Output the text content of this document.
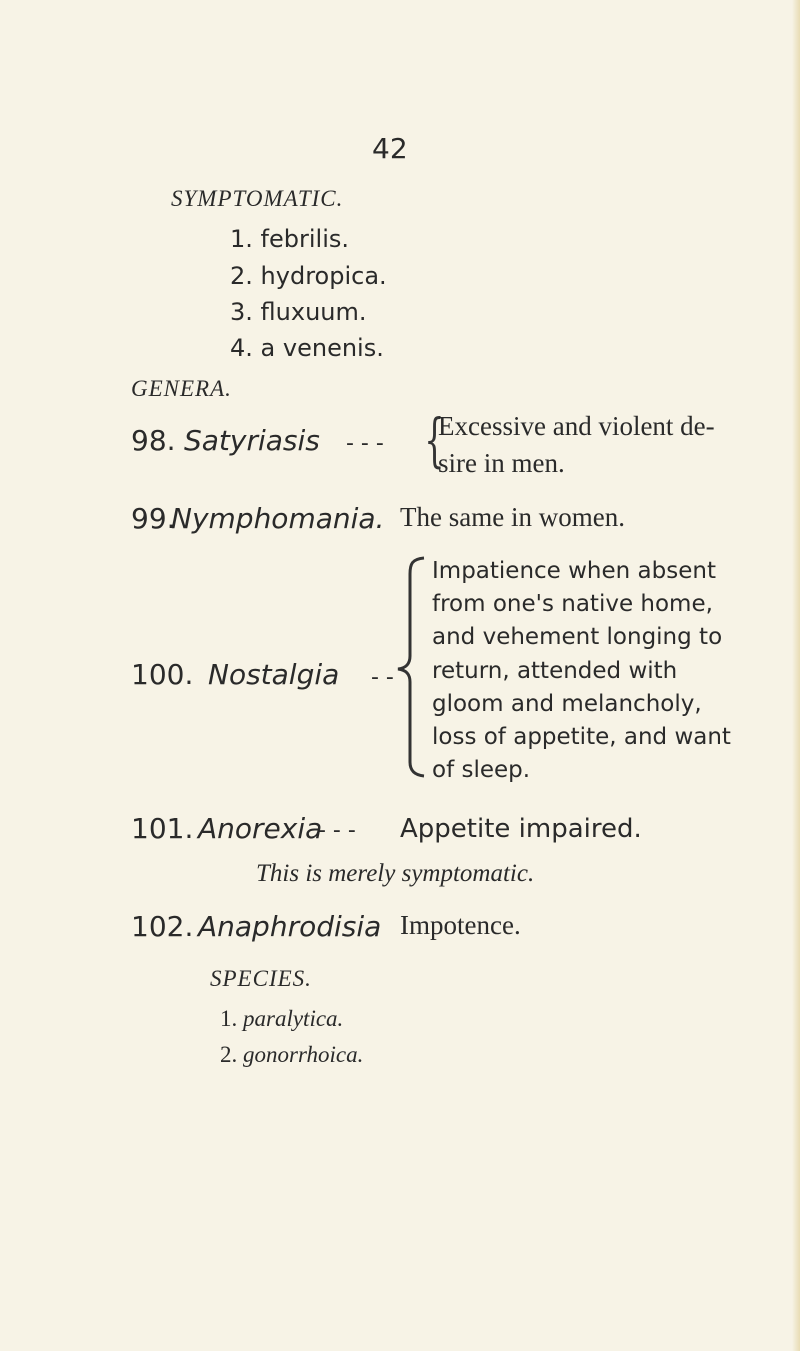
42
SYMPTOMATIC.
1. febrilis.
2. hydropica.
3. fluxuum.
4. a venenis.
GENERA.
98. Satyriasis - - - {
Excessive and violent de-
sire in men.
99.
Nymphomania. The same in women.
100. Nostalgia - -
Impatience when absent
from one's native home,
and vehement longing to
return, attended with
gloom and melancholy,
loss of appetite, and want
of sleep.
101. Anorexia
- - - Appetite impaired.
This is merely symptomatic.
102. Anaphrodisia Impotence.
SPECIES.
1. paralytica.
2. gonorrhoica.
